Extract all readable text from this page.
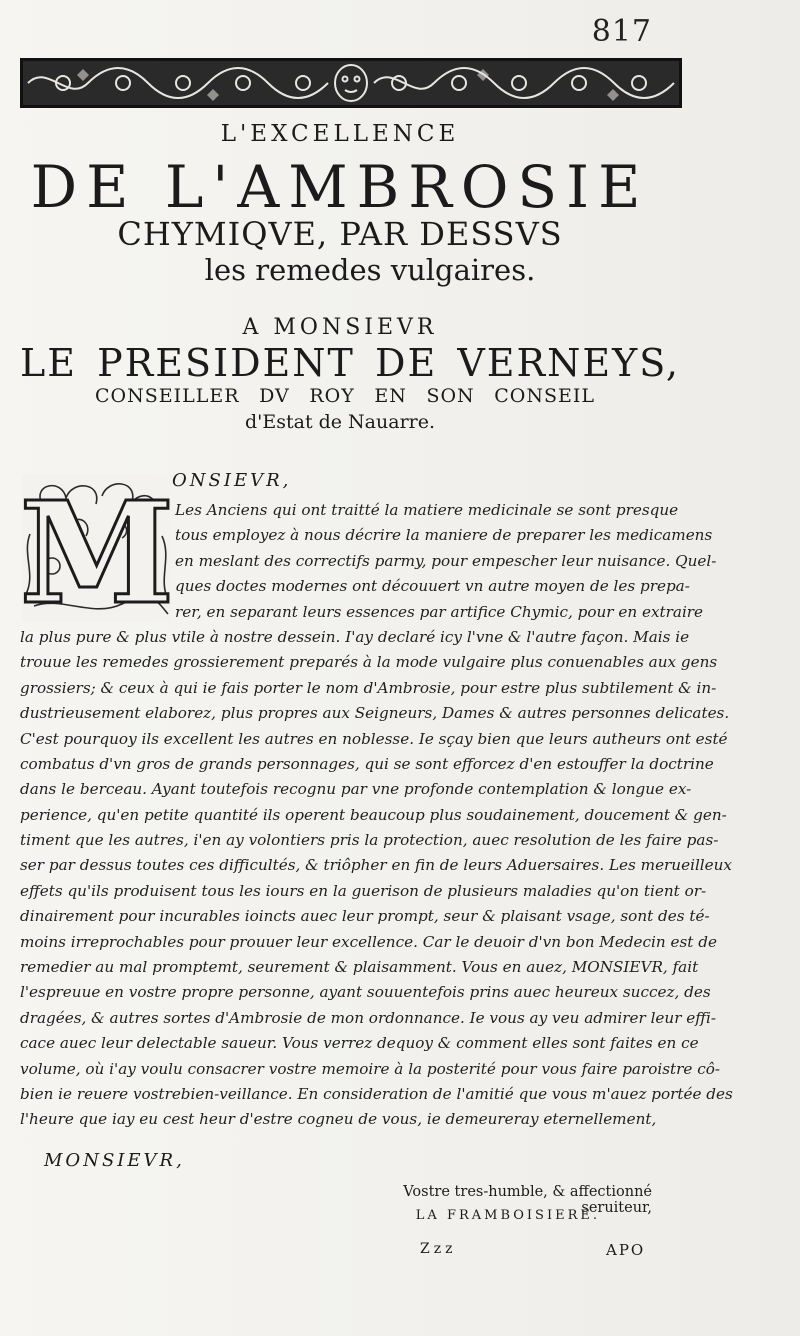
817
L'EXCELLENCE
DE L'AMBROSIE
CHYMIQVE, PAR DESSVS
les remedes vulgaires.
A MONSIEVR
LE PRESIDENT DE VERNEYS,
CONSEILLER DV ROY EN SON CONSEIL
d'Estat de Nauarre.
M
ONSIEVR,
Les Anciens qui ont traitté la matiere medicinale se sont presque
tous employez à nous décrire la maniere de preparer les medicamens
en meslant des correctifs parmy, pour empescher leur nuisance. Quel-
ques doctes modernes ont découuert vn autre moyen de les prepa-
rer, en separant leurs essences par artifice Chymic, pour en extraire
la plus pure & plus vtile à nostre dessein. I'ay declaré icy l'vne & l'autre façon. Mais ie
trouue les remedes grossierement preparés à la mode vulgaire plus conuenables aux gens
grossiers; & ceux à qui ie fais porter le nom d'Ambrosie, pour estre plus subtilement & in-
dustrieusement elaborez, plus propres aux Seigneurs, Dames & autres personnes delicates.
C'est pourquoy ils excellent les autres en noblesse. Ie sçay bien que leurs autheurs ont esté
combatus d'vn gros de grands personnages, qui se sont efforcez d'en estouffer la doctrine
dans le berceau. Ayant toutefois recognu par vne profonde contemplation & longue ex-
perience, qu'en petite quantité ils operent beaucoup plus soudainement, doucement & gen-
timent que les autres, i'en ay volontiers pris la protection, auec resolution de les faire pas-
ser par dessus toutes ces difficultés, & triôpher en fin de leurs Aduersaires. Les merueilleux
effets qu'ils produisent tous les iours en la guerison de plusieurs maladies qu'on tient or-
dinairement pour incurables ioincts auec leur prompt, seur & plaisant vsage, sont des té-
moins irreprochables pour prouuer leur excellence. Car le deuoir d'vn bon Medecin est de
remedier au mal promptemt, seurement & plaisamment. Vous en auez, MONSIEVR, fait
l'espreuue en vostre propre personne, ayant souuentefois prins auec heureux succez, des
dragées, & autres sortes d'Ambrosie de mon ordonnance. Ie vous ay veu admirer leur effi-
cace auec leur delectable saueur. Vous verrez dequoy & comment elles sont faites en ce
volume, où i'ay voulu consacrer vostre memoire à la posterité pour vous faire paroistre cô-
bien ie reuere vostrebien-veillance. En consideration de l'amitié que vous m'auez portée des
l'heure que iay eu cest heur d'estre cogneu de vous, ie demeureray eternellement,
MONSIEVR,
Vostre tres-humble, & affectionné seruiteur,
LA FRAMBOISIERE.
Zzz	APO
